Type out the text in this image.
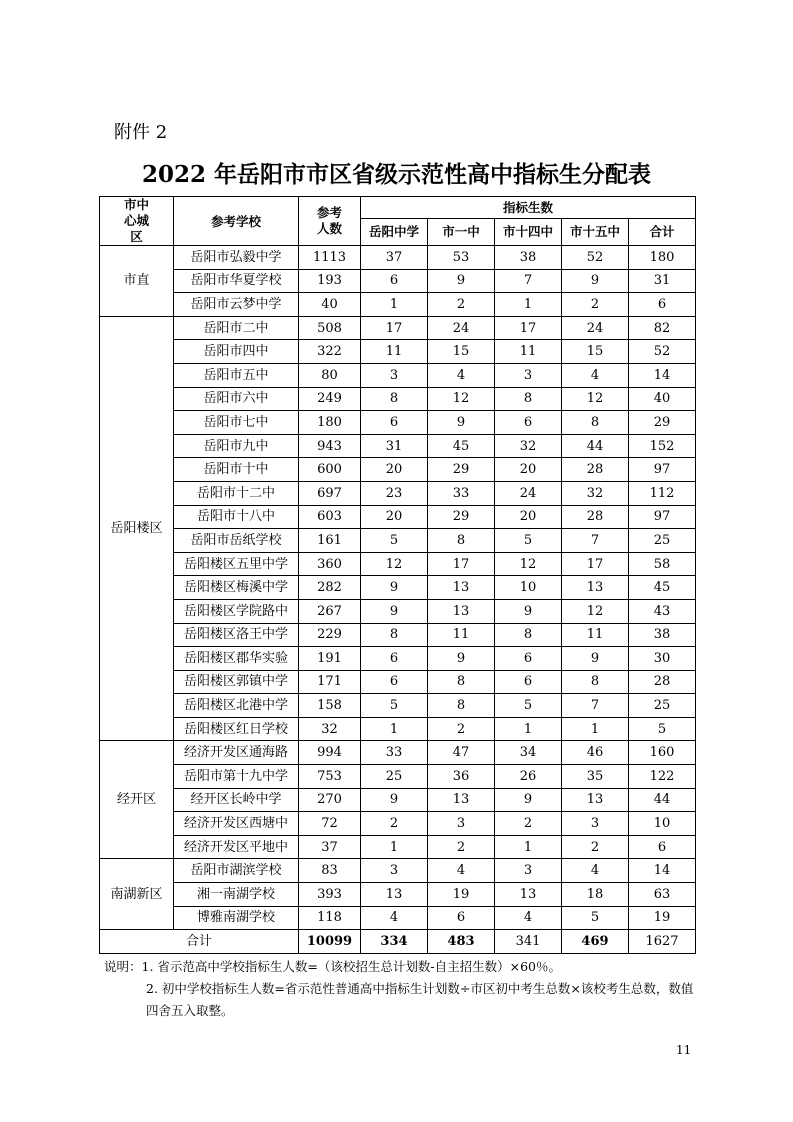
附件 2
2022 年岳阳市市区省级示范性高中指标生分配表
市中心城区	参考学校	参考人数	指标生数				
			岳阳中学	市一中	市十四中	市十五中	合计
市直	岳阳市弘毅中学	1113	37	53	38	52	180
	岳阳市华夏学校	193	6	9	7	9	31
	岳阳市云梦中学	40	1	2	1	2	6
岳阳楼区	岳阳市二中	508	17	24	17	24	82
	岳阳市四中	322	11	15	11	15	52
	岳阳市五中	80	3	4	3	4	14
	岳阳市六中	249	8	12	8	12	40
	岳阳市七中	180	6	9	6	8	29
	岳阳市九中	943	31	45	32	44	152
	岳阳市十中	600	20	29	20	28	97
	岳阳市十二中	697	23	33	24	32	112
	岳阳市十八中	603	20	29	20	28	97
	岳阳市岳纸学校	161	5	8	5	7	25
	岳阳楼区五里中学	360	12	17	12	17	58
	岳阳楼区梅溪中学	282	9	13	10	13	45
	岳阳楼区学院路中	267	9	13	9	12	43
	岳阳楼区洛王中学	229	8	11	8	11	38
	岳阳楼区郡华实验	191	6	9	6	9	30
	岳阳楼区郭镇中学	171	6	8	6	8	28
	岳阳楼区北港中学	158	5	8	5	7	25
	岳阳楼区红日学校	32	1	2	1	1	5
经开区	经济开发区通海路	994	33	47	34	46	160
	岳阳市第十九中学	753	25	36	26	35	122
	经开区长岭中学	270	9	13	9	13	44
	经济开发区西塘中	72	2	3	2	3	10
	经济开发区平地中	37	1	2	1	2	6
南湖新区	岳阳市湖滨学校	83	3	4	3	4	14
	湘一南湖学校	393	13	19	13	18	63
	博雅南湖学校	118	4	6	4	5	19
合计		10099	334	483	341	469	1627
说明：1. 省示范高中学校指标生人数=（该校招生总计划数-自主招生数）×60％。
2. 初中学校指标生人数=省示范性普通高中指标生计划数÷市区初中考生总数×该校考生总数，数值
四舍五入取整。
11
